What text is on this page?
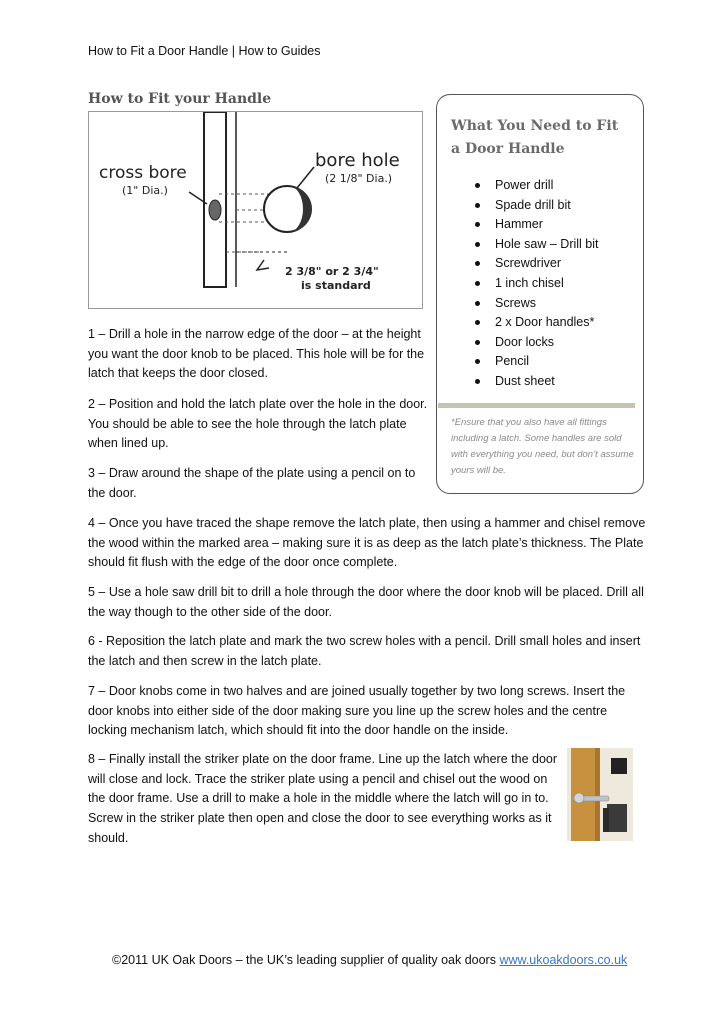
How to Fit a Door Handle | How to Guides
How to Fit your Handle
cross bore
(1" Dia.)
bore hole
(2 1/8" Dia.)
2 3/8" or 2 3/4"
is standard
What You Need to Fit a Door Handle
Power drill
Spade drill bit
Hammer
Hole saw – Drill bit
Screwdriver
1 inch chisel
Screws
2 x Door handles*
Door locks
Pencil
Dust sheet
*Ensure that you also have all fittings including a latch. Some handles are sold with everything you need, but don’t assume yours will be.

1 – Drill a hole in the narrow edge of the door – at the height you want the door knob to be placed. This hole will be for the latch that keeps the door closed.

2 – Position and hold the latch plate over the hole in the door. You should be able to see the hole through the latch plate when lined up.

3 – Draw around the shape of the plate using a pencil on to the door.

4 – Once you have traced the shape remove the latch plate, then using a hammer and chisel remove the wood within the marked area – making sure it is as deep as the latch plate’s thickness. The Plate should fit flush with the edge of the door once complete.

5 – Use a hole saw drill bit to drill a hole through the door where the door knob will be placed. Drill all the way though to the other side of the door.

6 - Reposition the latch plate and mark the two screw holes with a pencil. Drill small holes and insert the latch and then screw in the latch plate.

7 – Door knobs come in two halves and are joined usually together by two long screws. Insert the door knobs into either side of the door making sure you line up the screw holes and the centre locking mechanism latch, which should fit into the door handle on the inside.

8 – Finally install the striker plate on the door frame. Line up the latch where the door will close and lock. Trace the striker plate using a pencil and chisel out the wood on the door frame. Use a drill to make a hole in the middle where the latch will go in to. Screw in the striker plate then open and close the door to see everything works as it should.

©2011 UK Oak Doors – the UK’s leading supplier of quality oak doors www.ukoakdoors.co.uk
